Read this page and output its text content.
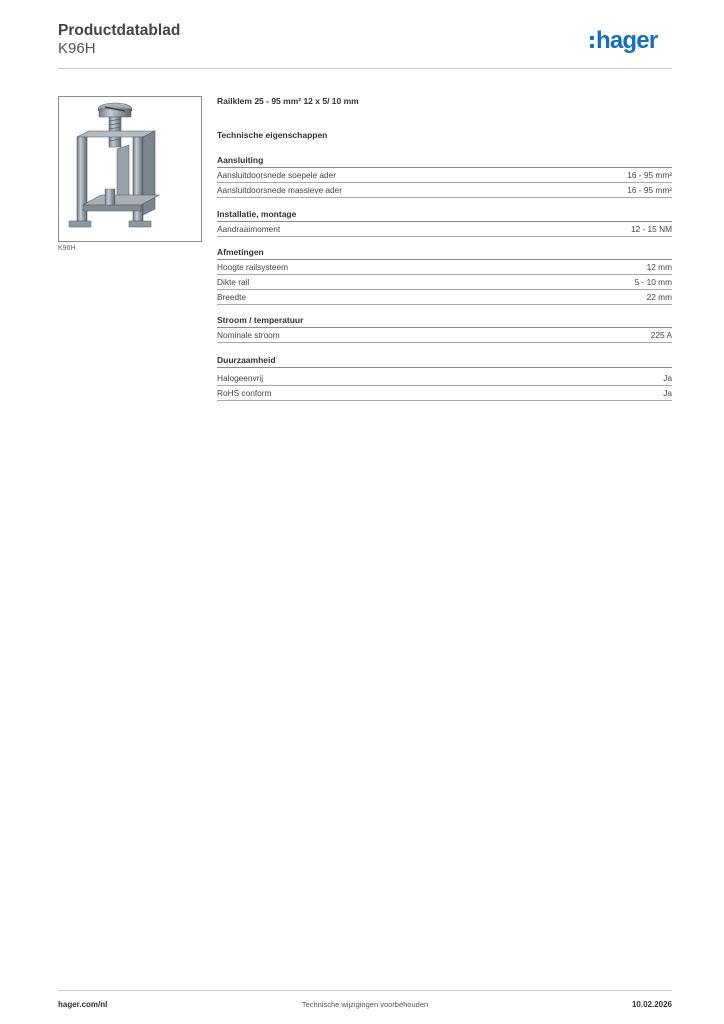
Productdatablad
K96H	hager
K96H
Railklem 25 - 95 mm² 12 x 5/ 10 mm
Technische eigenschappen
Aansluiting
Aansluitdoorsnede soepele ader	16 - 95 mm²
Aansluitdoorsnede massieve ader	16 - 95 mm²
Installatie, montage
Aandraaimoment	12 - 15 NM
Afmetingen
Hoogte railsysteem	12 mm
Dikte rail	5 - 10 mm
Breedte	22 mm
Stroom / temperatuur
Nominale stroom	225 A
Duurzaamheid
Halogeenvrij	Ja
RoHS conform	Ja
hager.com/nl	Technische wijzigingen voorbehouden	10.02.2026
